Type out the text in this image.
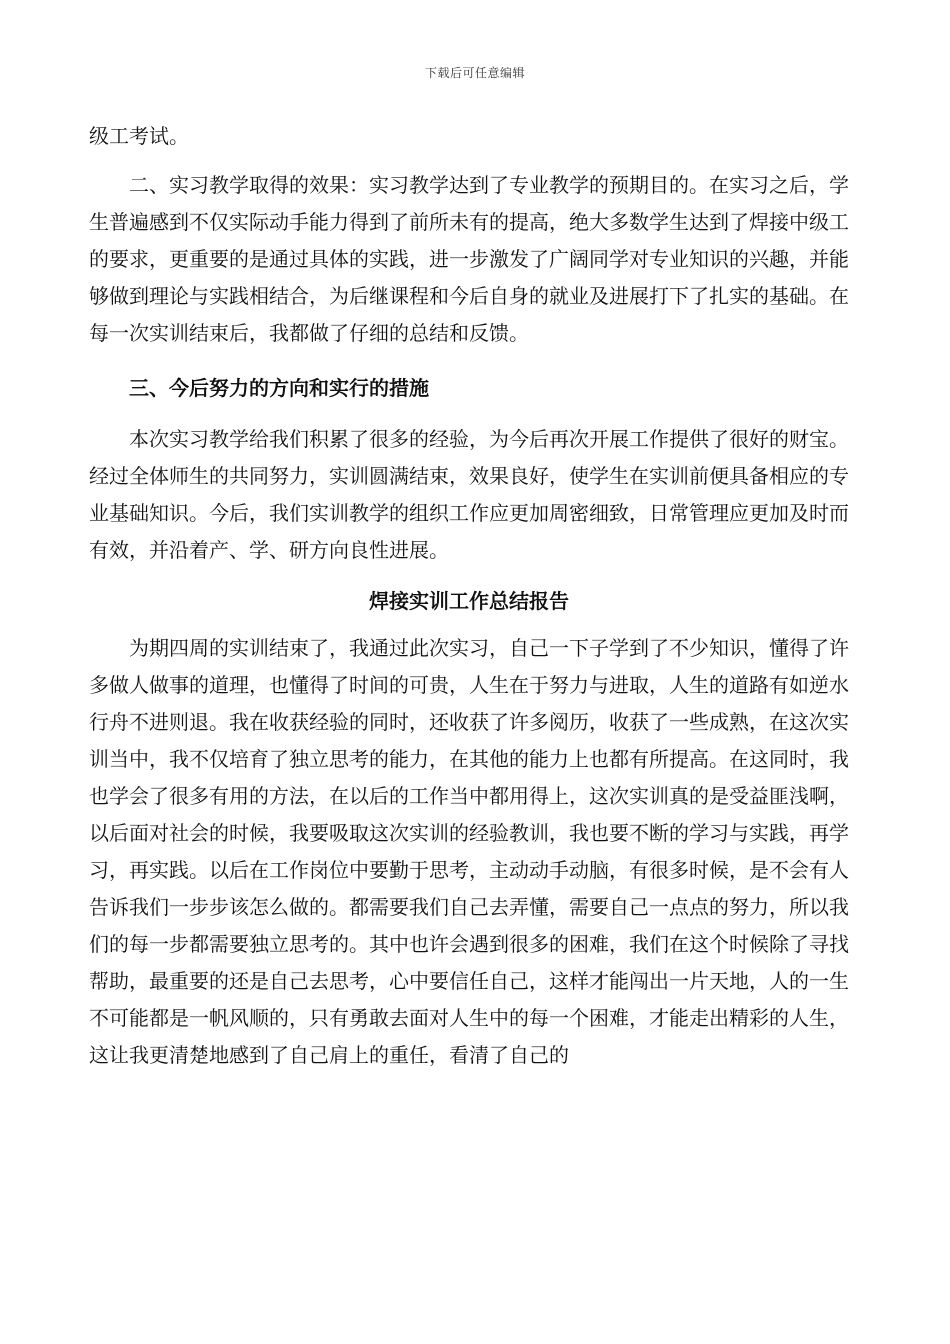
下载后可任意编辑

级工考试。

二、实习教学取得的效果：实习教学达到了专业教学的预期目的。在实习之后，学生普遍感到不仅实际动手能力得到了前所未有的提高，绝大多数学生达到了焊接中级工的要求，更重要的是通过具体的实践，进一步激发了广阔同学对专业知识的兴趣，并能够做到理论与实践相结合，为后继课程和今后自身的就业及进展打下了扎实的基础。在每一次实训结束后，我都做了仔细的总结和反馈。

三、今后努力的方向和实行的措施

本次实习教学给我们积累了很多的经验，为今后再次开展工作提供了很好的财宝。经过全体师生的共同努力，实训圆满结束，效果良好，使学生在实训前便具备相应的专业基础知识。今后，我们实训教学的组织工作应更加周密细致，日常管理应更加及时而有效，并沿着产、学、研方向良性进展。

焊接实训工作总结报告

为期四周的实训结束了，我通过此次实习，自己一下子学到了不少知识，懂得了许多做人做事的道理，也懂得了时间的可贵，人生在于努力与进取，人生的道路有如逆水行舟不进则退。我在收获经验的同时，还收获了许多阅历，收获了一些成熟，在这次实训当中，我不仅培育了独立思考的能力，在其他的能力上也都有所提高。在这同时，我也学会了很多有用的方法，在以后的工作当中都用得上，这次实训真的是受益匪浅啊，以后面对社会的时候，我要吸取这次实训的经验教训，我也要不断的学习与实践，再学习，再实践。以后在工作岗位中要勤于思考，主动动手动脑，有很多时候，是不会有人告诉我们一步步该怎么做的。都需要我们自己去弄懂，需要自己一点点的努力，所以我们的每一步都需要独立思考的。其中也许会遇到很多的困难，我们在这个时候除了寻找帮助，最重要的还是自己去思考，心中要信任自己，这样才能闯出一片天地，人的一生不可能都是一帆风顺的，只有勇敢去面对人生中的每一个困难，才能走出精彩的人生，这让我更清楚地感到了自己肩上的重任，看清了自己的
